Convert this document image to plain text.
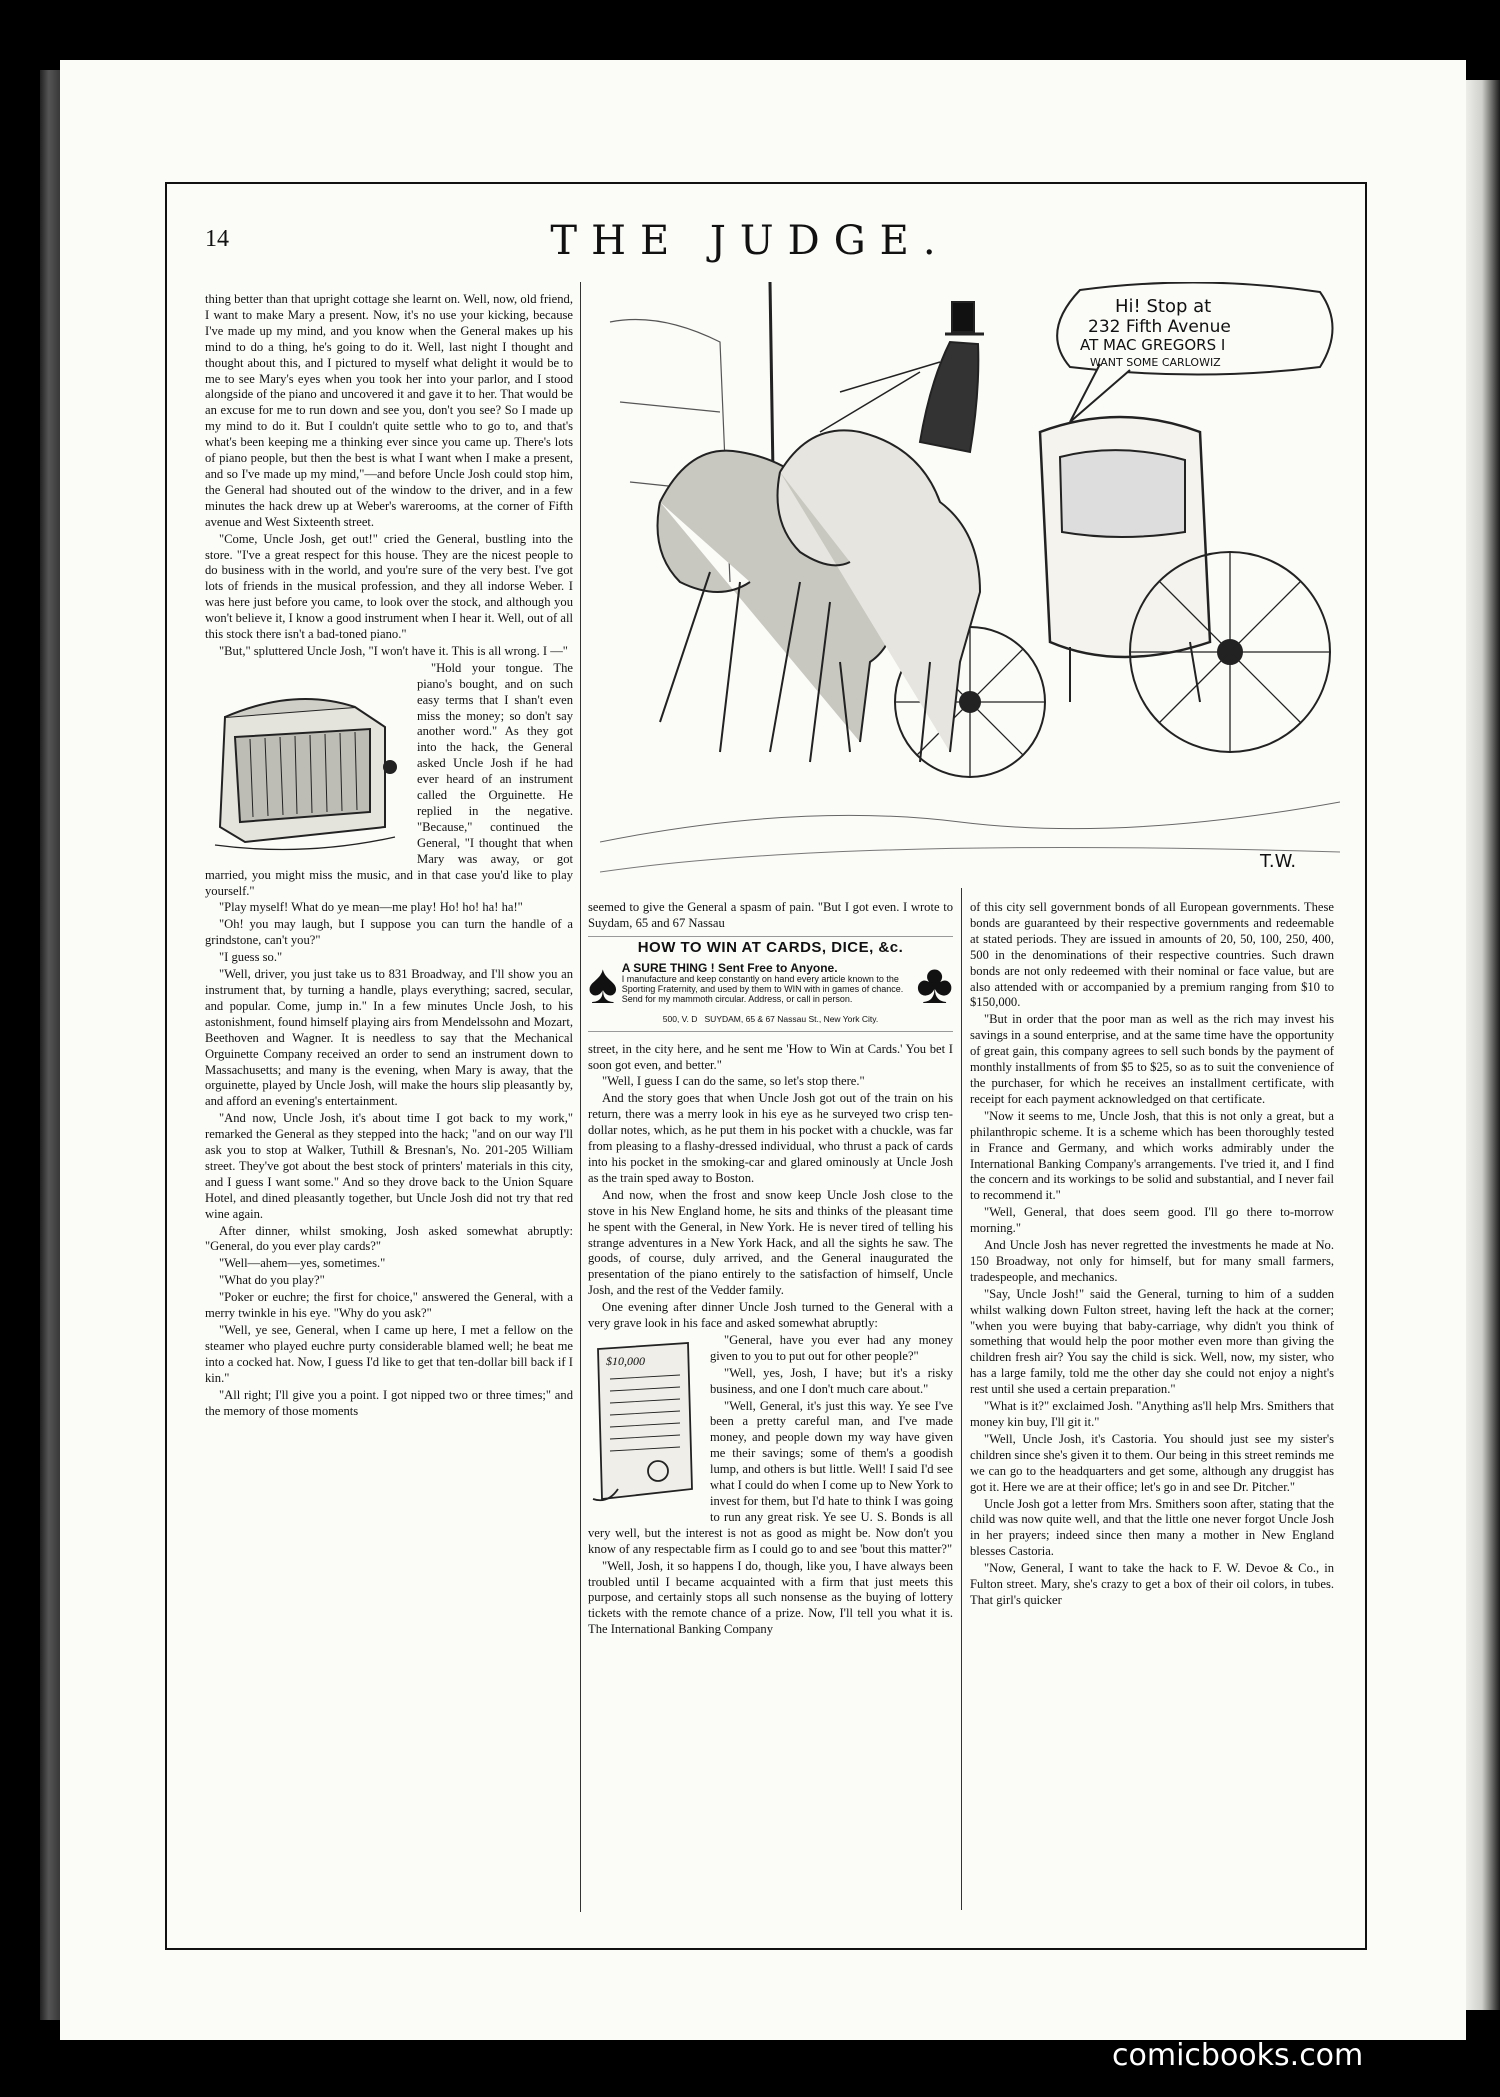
14	THE JUDGE.
Hi! Stop at
232 Fifth Avenue
AT MAC GREGORS I
WANT SOME CARLOWIZ
T.W.

thing better than that upright cottage she learnt on. Well, now, old friend, I want to make Mary a present. Now, it's no use your kicking, because I've made up my mind, and you know when the General makes up his mind to do a thing, he's going to do it. Well, last night I thought and thought about this, and I pictured to myself what delight it would be to me to see Mary's eyes when you took her into your parlor, and I stood alongside of the piano and uncovered it and gave it to her. That would be an excuse for me to run down and see you, don't you see? So I made up my mind to do it. But I couldn't quite settle who to go to, and that's what's been keeping me a thinking ever since you came up. There's lots of piano people, but then the best is what I want when I make a present, and so I've made up my mind,"—and before Uncle Josh could stop him, the General had shouted out of the window to the driver, and in a few minutes the hack drew up at Weber's warerooms, at the corner of Fifth avenue and West Sixteenth street.

"Come, Uncle Josh, get out!" cried the General, bustling into the store. "I've a great respect for this house. They are the nicest people to do business with in the world, and you're sure of the very best. I've got lots of friends in the musical profession, and they all indorse Weber. I was here just before you came, to look over the stock, and although you won't believe it, I know a good instrument when I hear it. Well, out of all this stock there isn't a bad-toned piano."

"But," spluttered Uncle Josh, "I won't have it. This is all wrong. I —"

"Hold your tongue. The piano's bought, and on such easy terms that I shan't even miss the money; so don't say another word." As they got into the hack, the General asked Uncle Josh if he had ever heard of an instrument called the Orguinette. He replied in the negative. "Because," continued the General, "I thought that when Mary was away, or got married, you might miss the music, and in that case you'd like to play yourself."

"Play myself! What do ye mean—me play! Ho! ho! ha! ha!"

"Oh! you may laugh, but I suppose you can turn the handle of a grindstone, can't you?"

"I guess so."

"Well, driver, you just take us to 831 Broadway, and I'll show you an instrument that, by turning a handle, plays everything; sacred, secular, and popular. Come, jump in." In a few minutes Uncle Josh, to his astonishment, found himself playing airs from Mendelssohn and Mozart, Beethoven and Wagner. It is needless to say that the Mechanical Orguinette Company received an order to send an instrument down to Massachusetts; and many is the evening, when Mary is away, that the orguinette, played by Uncle Josh, will make the hours slip pleasantly by, and afford an evening's entertainment.

"And now, Uncle Josh, it's about time I got back to my work," remarked the General as they stepped into the hack; "and on our way I'll ask you to stop at Walker, Tuthill & Bresnan's, No. 201-205 William street. They've got about the best stock of printers' materials in this city, and I guess I want some." And so they drove back to the Union Square Hotel, and dined pleasantly together, but Uncle Josh did not try that red wine again.

After dinner, whilst smoking, Josh asked somewhat abruptly: "General, do you ever play cards?"

"Well—ahem—yes, sometimes."

"What do you play?"

"Poker or euchre; the first for choice," answered the General, with a merry twinkle in his eye. "Why do you ask?"

"Well, ye see, General, when I came up here, I met a fellow on the steamer who played euchre purty considerable blamed well; he beat me into a cocked hat. Now, I guess I'd like to get that ten-dollar bill back if I kin."

"All right; I'll give you a point. I got nipped two or three times;" and the memory of those moments

seemed to give the General a spasm of pain. "But I got even. I wrote to Suydam, 65 and 67 Nassau

HOW TO WIN AT CARDS, DICE, &c.
♠ A SURE THING ! Sent Free to Anyone.
I manufacture and keep constantly on hand every article known to the Sporting Fraternity, and used by them to WIN with in games of chance. Send for my mammoth circular. Address, or call in person.	♣
500, V. D SUYDAM, 65 & 67 Nassau St., New York City.

street, in the city here, and he sent me 'How to Win at Cards.' You bet I soon got even, and better."

"Well, I guess I can do the same, so let's stop there."

And the story goes that when Uncle Josh got out of the train on his return, there was a merry look in his eye as he surveyed two crisp ten-dollar notes, which, as he put them in his pocket with a chuckle, was far from pleasing to a flashy-dressed individual, who thrust a pack of cards into his pocket in the smoking-car and glared ominously at Uncle Josh as the train sped away to Boston.

And now, when the frost and snow keep Uncle Josh close to the stove in his New England home, he sits and thinks of the pleasant time he spent with the General, in New York. He is never tired of telling his strange adventures in a New York Hack, and all the sights he saw. The goods, of course, duly arrived, and the General inaugurated the presentation of the piano entirely to the satisfaction of himself, Uncle Josh, and the rest of the Vedder family.

One evening after dinner Uncle Josh turned to the General with a very grave look in his face and asked somewhat abruptly:

$10,000

"General, have you ever had any money given to you to put out for other people?"

"Well, yes, Josh, I have; but it's a risky business, and one I don't much care about."

"Well, General, it's just this way. Ye see I've been a pretty careful man, and I've made money, and people down my way have given me their savings; some of them's a goodish lump, and others is but little. Well! I said I'd see what I could do when I come up to New York to invest for them, but I'd hate to think I was going to run any great risk. Ye see U. S. Bonds is all very well, but the interest is not as good as might be. Now don't you know of any respectable firm as I could go to and see 'bout this matter?"

"Well, Josh, it so happens I do, though, like you, I have always been troubled until I became acquainted with a firm that just meets this purpose, and certainly stops all such nonsense as the buying of lottery tickets with the remote chance of a prize. Now, I'll tell you what it is. The International Banking Company

of this city sell government bonds of all European governments. These bonds are guaranteed by their respective governments and redeemable at stated periods. They are issued in amounts of 20, 50, 100, 250, 400, 500 in the denominations of their respective countries. Such drawn bonds are not only redeemed with their nominal or face value, but are also attended with or accompanied by a premium ranging from $10 to $150,000.

"But in order that the poor man as well as the rich may invest his savings in a sound enterprise, and at the same time have the opportunity of great gain, this company agrees to sell such bonds by the payment of monthly installments of from $5 to $25, so as to suit the convenience of the purchaser, for which he receives an installment certificate, with receipt for each payment acknowledged on that certificate.

"Now it seems to me, Uncle Josh, that this is not only a great, but a philanthropic scheme. It is a scheme which has been thoroughly tested in France and Germany, and which works admirably under the International Banking Company's arrangements. I've tried it, and I find the concern and its workings to be solid and substantial, and I never fail to recommend it."

"Well, General, that does seem good. I'll go there to-morrow morning."

And Uncle Josh has never regretted the investments he made at No. 150 Broadway, not only for himself, but for many small farmers, tradespeople, and mechanics.

"Say, Uncle Josh!" said the General, turning to him of a sudden whilst walking down Fulton street, having left the hack at the corner; "when you were buying that baby-carriage, why didn't you think of something that would help the poor mother even more than giving the children fresh air? You say the child is sick. Well, now, my sister, who has a large family, told me the other day she could not enjoy a night's rest until she used a certain preparation."

"What is it?" exclaimed Josh. "Anything as'll help Mrs. Smithers that money kin buy, I'll git it."

"Well, Uncle Josh, it's Castoria. You should just see my sister's children since she's given it to them. Our being in this street reminds me we can go to the headquarters and get some, although any druggist has got it. Here we are at their office; let's go in and see Dr. Pitcher."

Uncle Josh got a letter from Mrs. Smithers soon after, stating that the child was now quite well, and that the little one never forgot Uncle Josh in her prayers; indeed since then many a mother in New England blesses Castoria.

"Now, General, I want to take the hack to F. W. Devoe & Co., in Fulton street. Mary, she's crazy to get a box of their oil colors, in tubes. That girl's quicker

comicbooks.com
